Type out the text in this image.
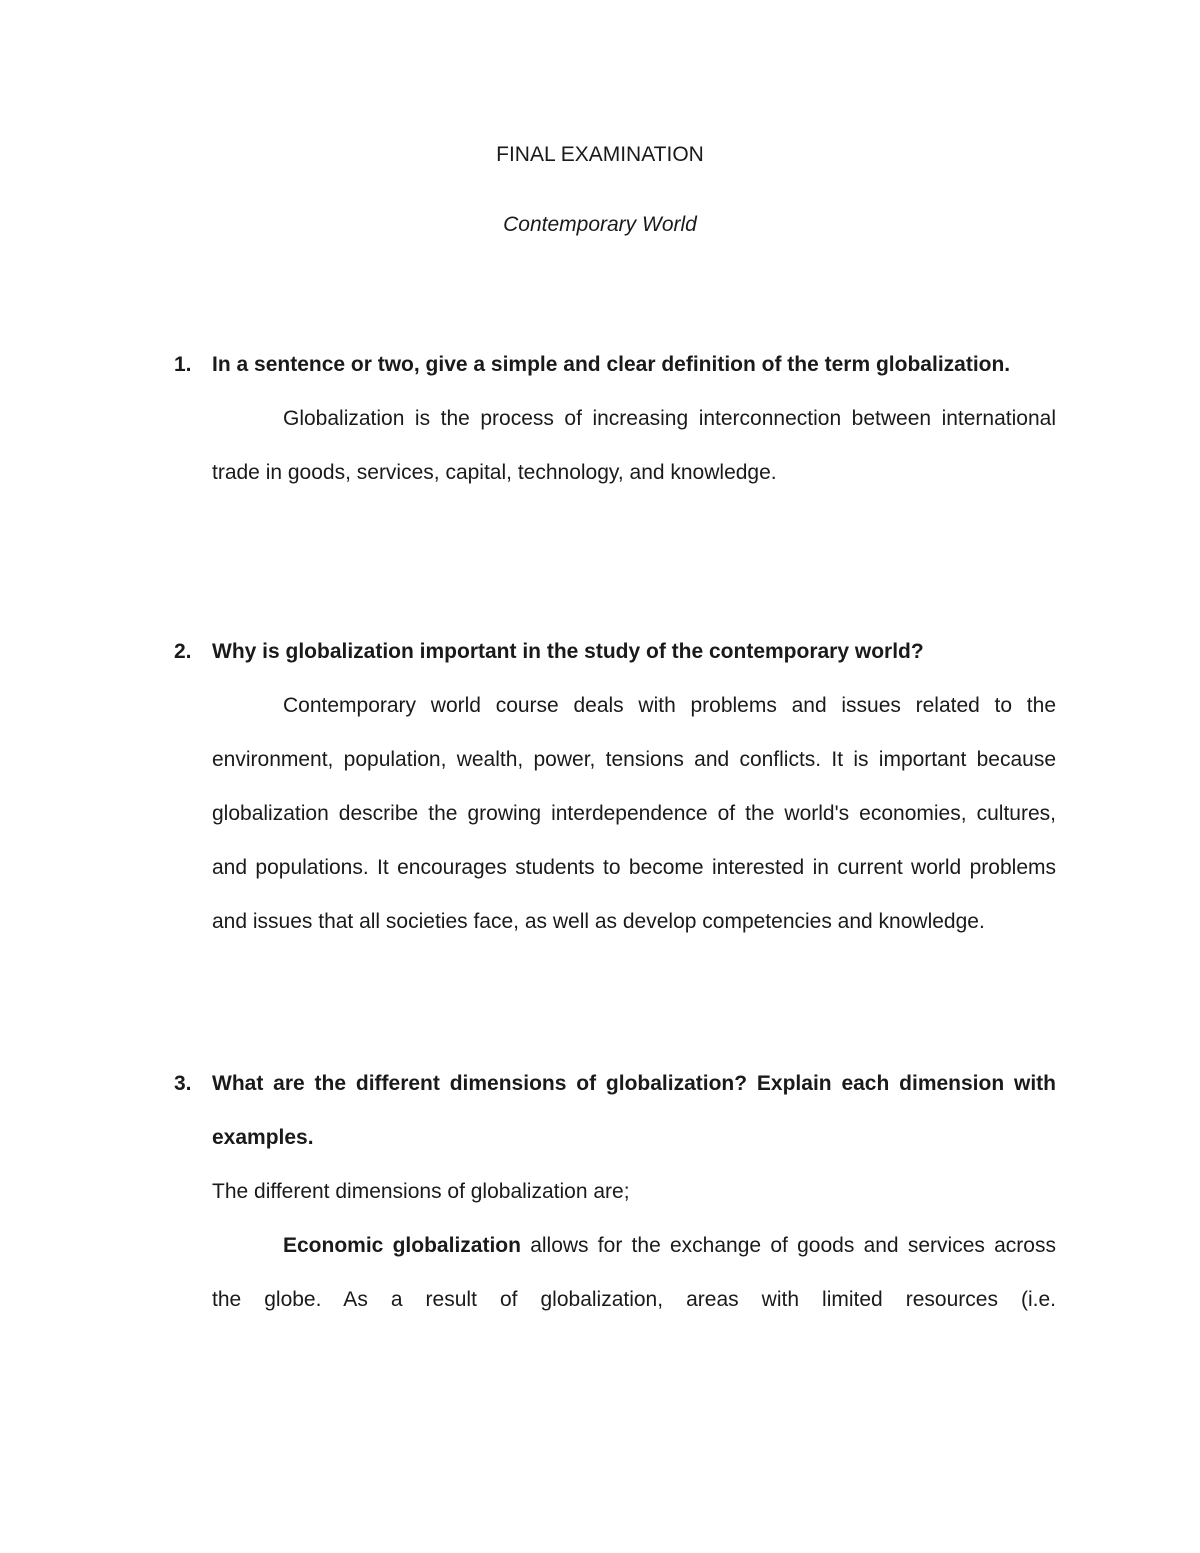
FINAL EXAMINATION
Contemporary World

1. In a sentence or two, give a simple and clear definition of the term globalization.

Globalization is the process of increasing interconnection between international trade in goods, services, capital, technology, and knowledge.

2. Why is globalization important in the study of the contemporary world?

Contemporary world course deals with problems and issues related to the environment, population, wealth, power, tensions and conflicts. It is important because globalization describe the growing interdependence of the world's economies, cultures, and populations. It encourages students to become interested in current world problems and issues that all societies face, as well as develop competencies and knowledge.

3. What are the different dimensions of globalization? Explain each dimension with examples.

The different dimensions of globalization are;

Economic globalization allows for the exchange of goods and services across the globe. As a result of globalization, areas with limited resources (i.e.
